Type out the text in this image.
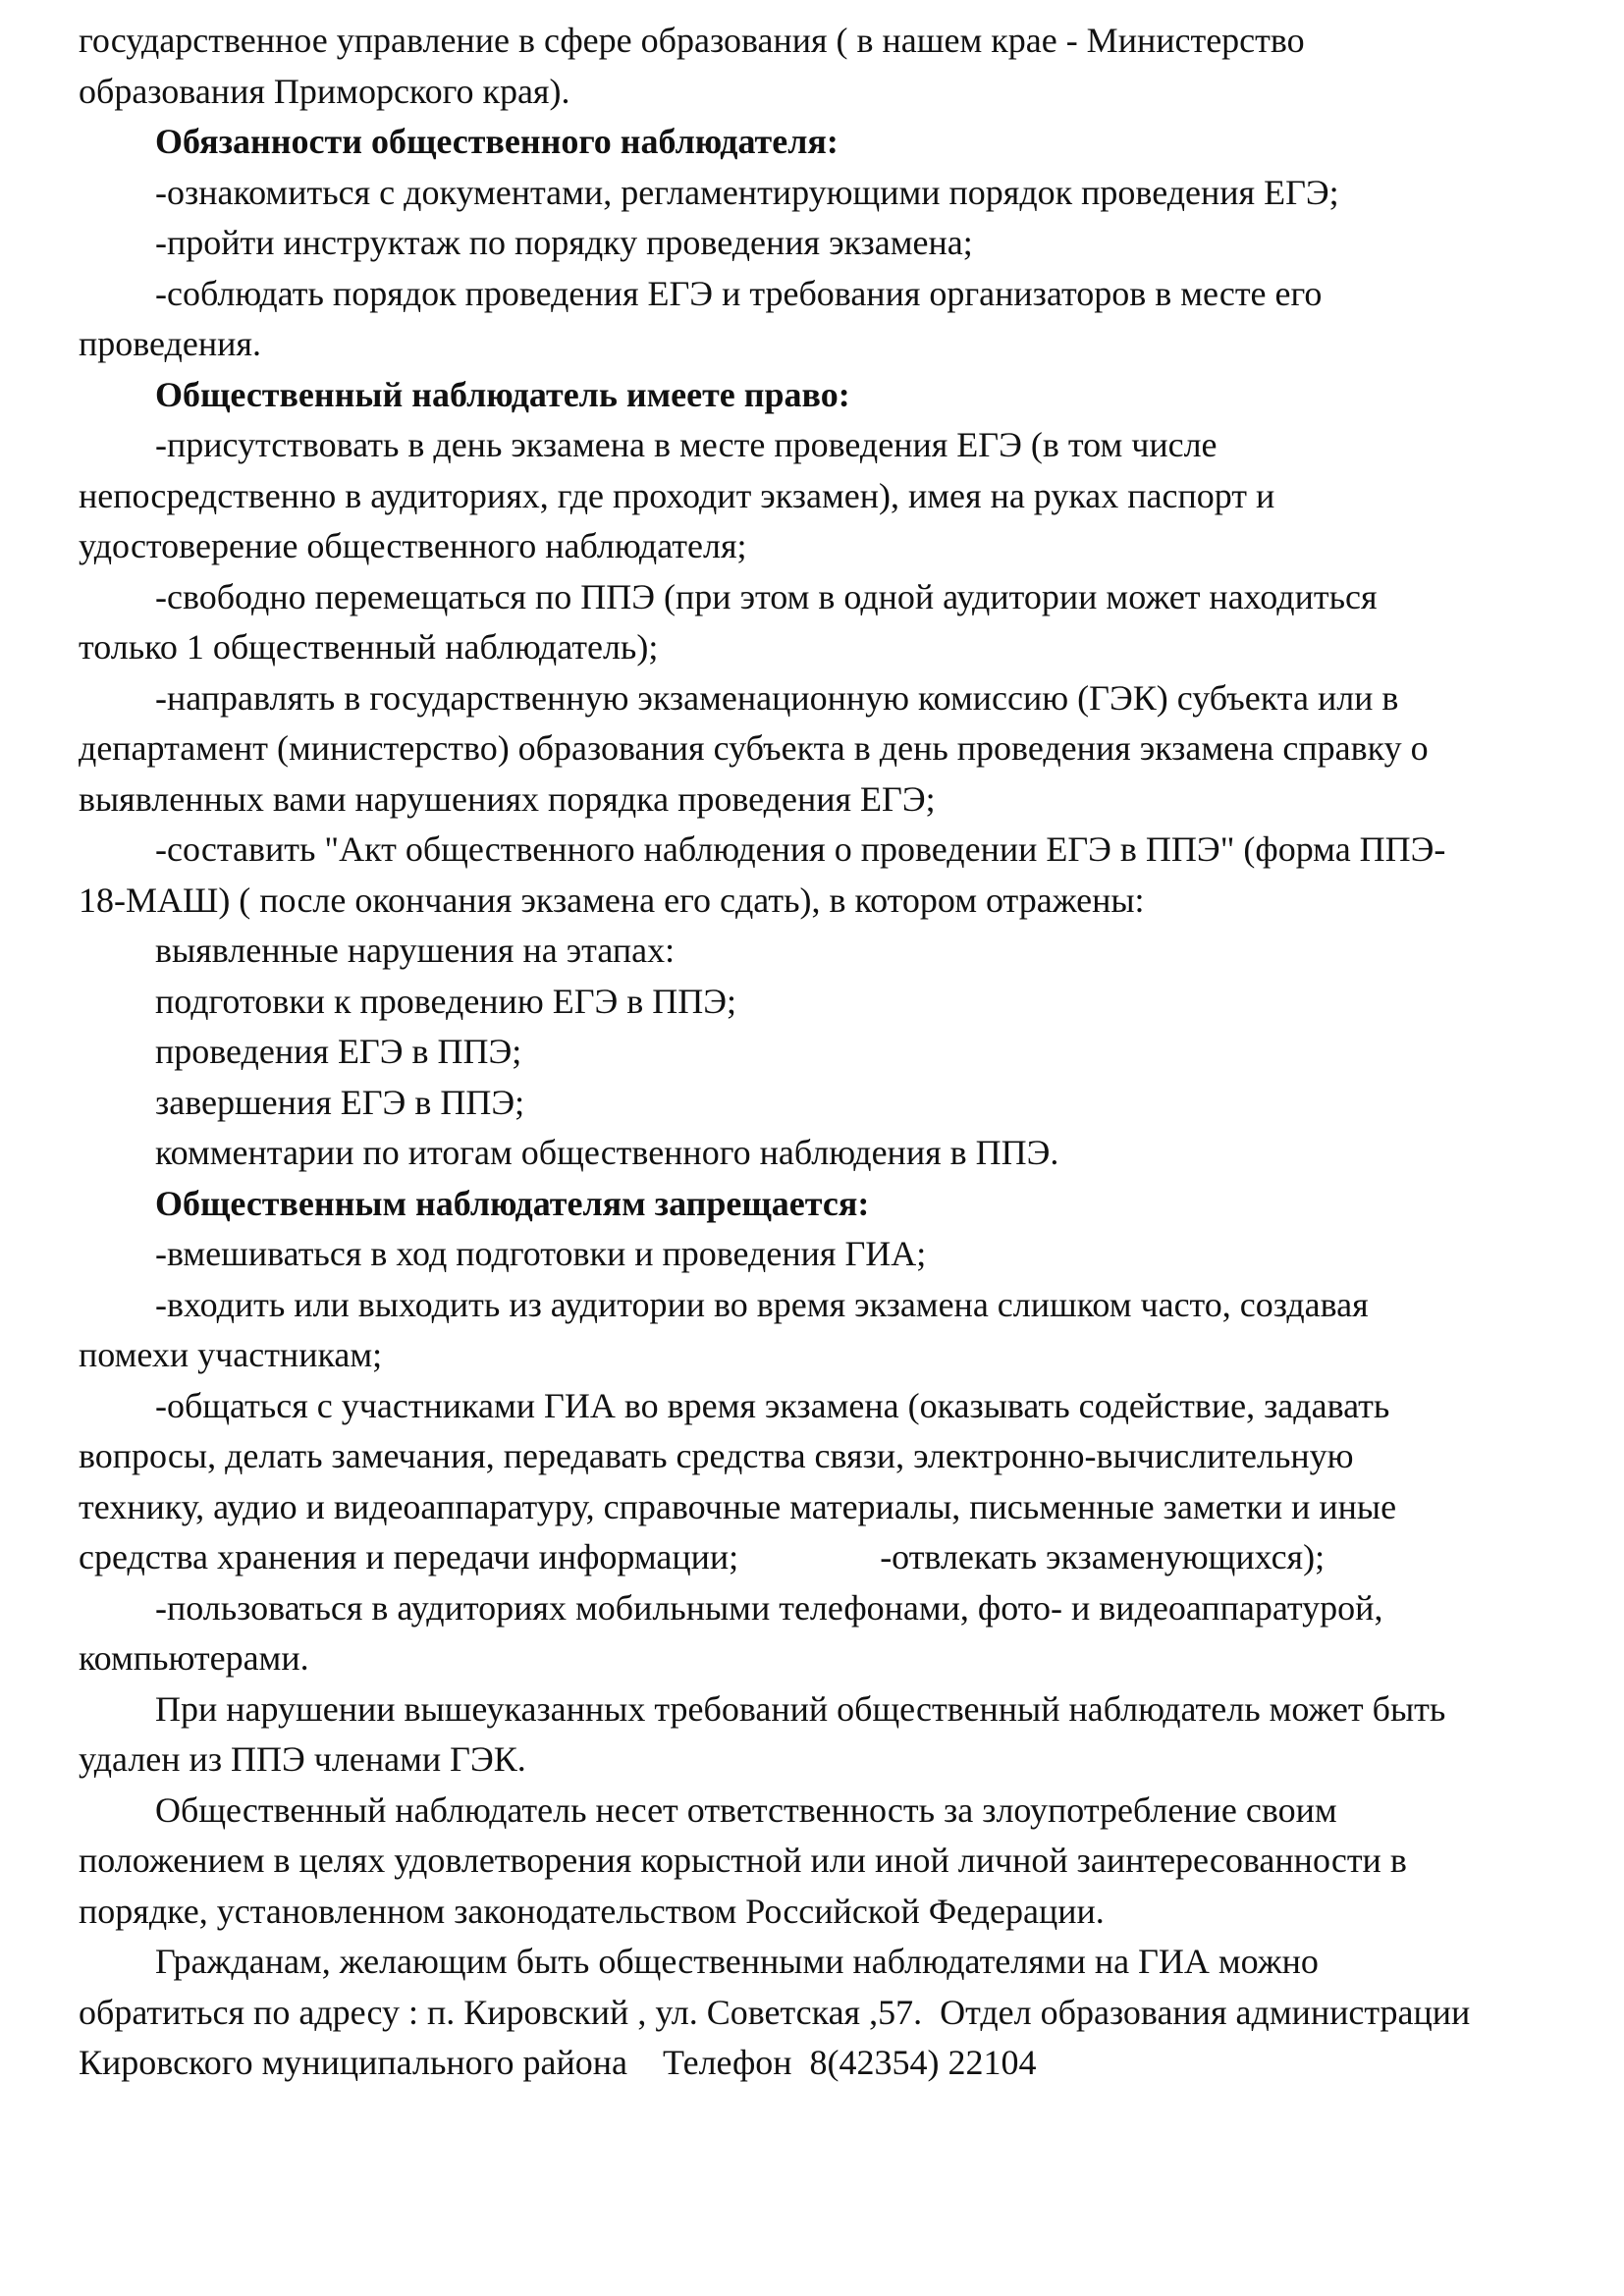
государственное управление в сфере образования ( в нашем крае - Министерство

образования Приморского края).

Обязанности общественного наблюдателя:

-ознакомиться с документами, регламентирующими порядок проведения ЕГЭ;

-пройти инструктаж по порядку проведения экзамена;

-соблюдать порядок проведения ЕГЭ и требования организаторов в месте его

проведения.

Общественный наблюдатель имеете право:

-присутствовать в день экзамена в месте проведения ЕГЭ (в том числе

непосредственно в аудиториях, где проходит экзамен), имея на руках паспорт и

удостоверение общественного наблюдателя;

-свободно перемещаться по ППЭ (при этом в одной аудитории может находиться

только 1 общественный наблюдатель);

-направлять в государственную экзаменационную комиссию (ГЭК) субъекта или в

департамент (министерство) образования субъекта в день проведения экзамена справку о

выявленных вами нарушениях порядка проведения ЕГЭ;

-составить "Акт общественного наблюдения о проведении ЕГЭ в ППЭ" (форма ППЭ-

18-МАШ) ( после окончания экзамена его сдать), в котором отражены:

выявленные нарушения на этапах:

подготовки к проведению ЕГЭ в ППЭ;

проведения ЕГЭ в ППЭ;

завершения ЕГЭ в ППЭ;

комментарии по итогам общественного наблюдения в ППЭ.

Общественным наблюдателям запрещается:

-вмешиваться в ход подготовки и проведения ГИА;

-входить или выходить из аудитории во время экзамена слишком часто, создавая

помехи участникам;

-общаться с участниками ГИА во время экзамена (оказывать содействие, задавать

вопросы, делать замечания, передавать средства связи, электронно-вычислительную

технику, аудио и видеоаппаратуру, справочные материалы, письменные заметки и иные

средства хранения и передачи информации;                -отвлекать экзаменующихся);

-пользоваться в аудиториях мобильными телефонами, фото- и видеоаппаратурой,

компьютерами.

При нарушении вышеуказанных требований общественный наблюдатель может быть

удален из ППЭ членами ГЭК.

Общественный наблюдатель несет ответственность за злоупотребление своим

положением в целях удовлетворения корыстной или иной личной заинтересованности в

порядке, установленном законодательством Российской Федерации.

Гражданам, желающим быть общественными наблюдателями на ГИА можно

обратиться по адресу : п. Кировский , ул. Советская ,57.  Отдел образования администрации

Кировского муниципального района    Телефон  8(42354) 22104
